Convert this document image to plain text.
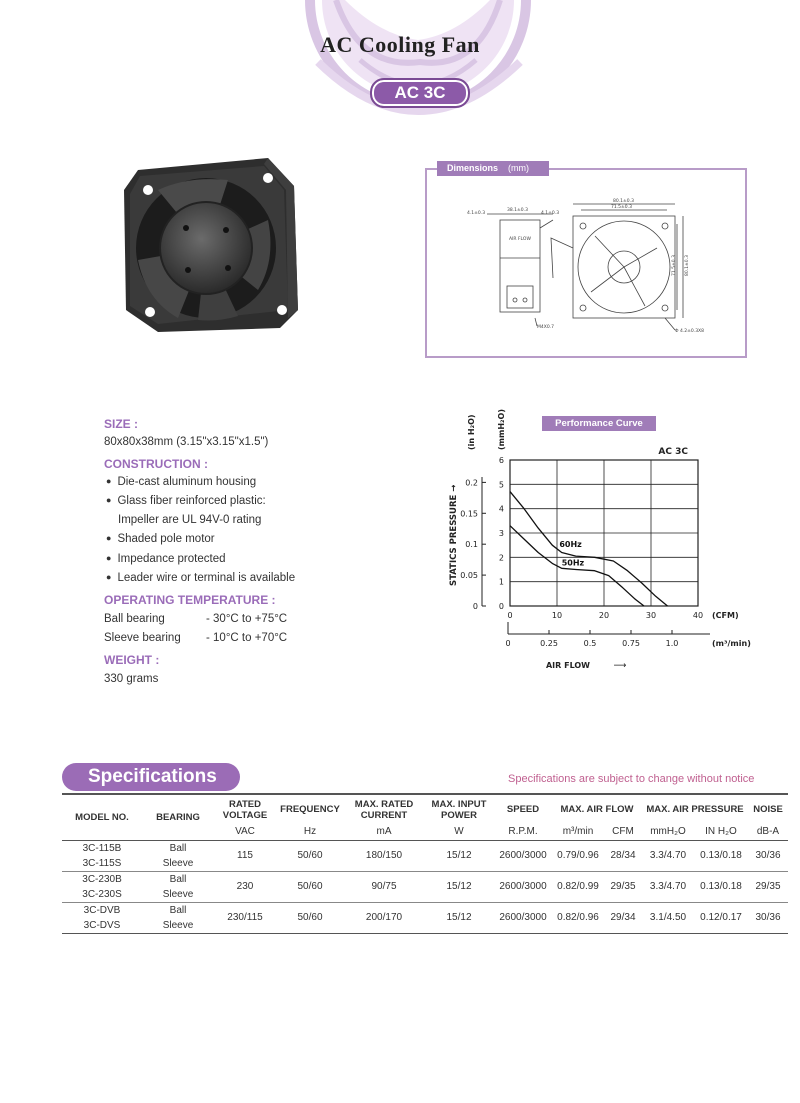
AC Cooling Fan
AC 3C
Dimensions (mm)
4.1±0.3
38.1±0.3
4.1±0.3
80.1±0.3
71.5±0.3
71.5±0.3 80.1±0.3
AIR FLOW
M4X0.7
Φ 4.2±0.3X8
SIZE :
80x80x38mm (3.15"x3.15"x1.5")
CONSTRUCTION :
● Die-cast aluminum housing
● Glass fiber reinforced plastic:
Impeller are UL 94V-0 rating
● Shaded pole motor
● Impedance protected
● Leader wire or terminal is available
OPERATING TEMPERATURE :
Ball bearing	- 30°C to +75°C
Sleeve bearing - 10°C to +70°C
WEIGHT :
330 grams
Performance Curve
0
1
2
3
4
5
6
0
0.05
0.1
0.15
0.2
(in H₂O)	(mmH₂O)
STATICS PRESSURE →
0	10	20	30	40 (CFM)
0	0.25	0.5	0.75	1.0	(m³/min)
AIR FLOW	⟶
AC 3C
60Hz
50Hz
Specifications	Specifications are subject to change without notice
MODEL NO.	BEARING	RATED VOLTAGE	FREQUENCY	MAX. RATED CURRENT	MAX. INPUT POWER	SPEED	MAX. AIR FLOW		MAX. AIR PRESSURE		NOISE
		VAC	Hz	mA	W	R.P.M.	m³/min	CFM	mmH₂O	IN H₂O	dB-A
3C-115B	Ball	115	50/60	180/150	15/12	2600/3000	0.79/0.96	28/34	3.3/4.70	0.13/0.18	30/36
3C-115S	Sleeve										
3C-230B	Ball	230	50/60	90/75	15/12	2600/3000	0.82/0.99	29/35	3.3/4.70	0.13/0.18	29/35
3C-230S	Sleeve										
3C-DVB	Ball	230/115	50/60	200/170	15/12	2600/3000	0.82/0.96	29/34	3.1/4.50	0.12/0.17	30/36
3C-DVS	Sleeve										
